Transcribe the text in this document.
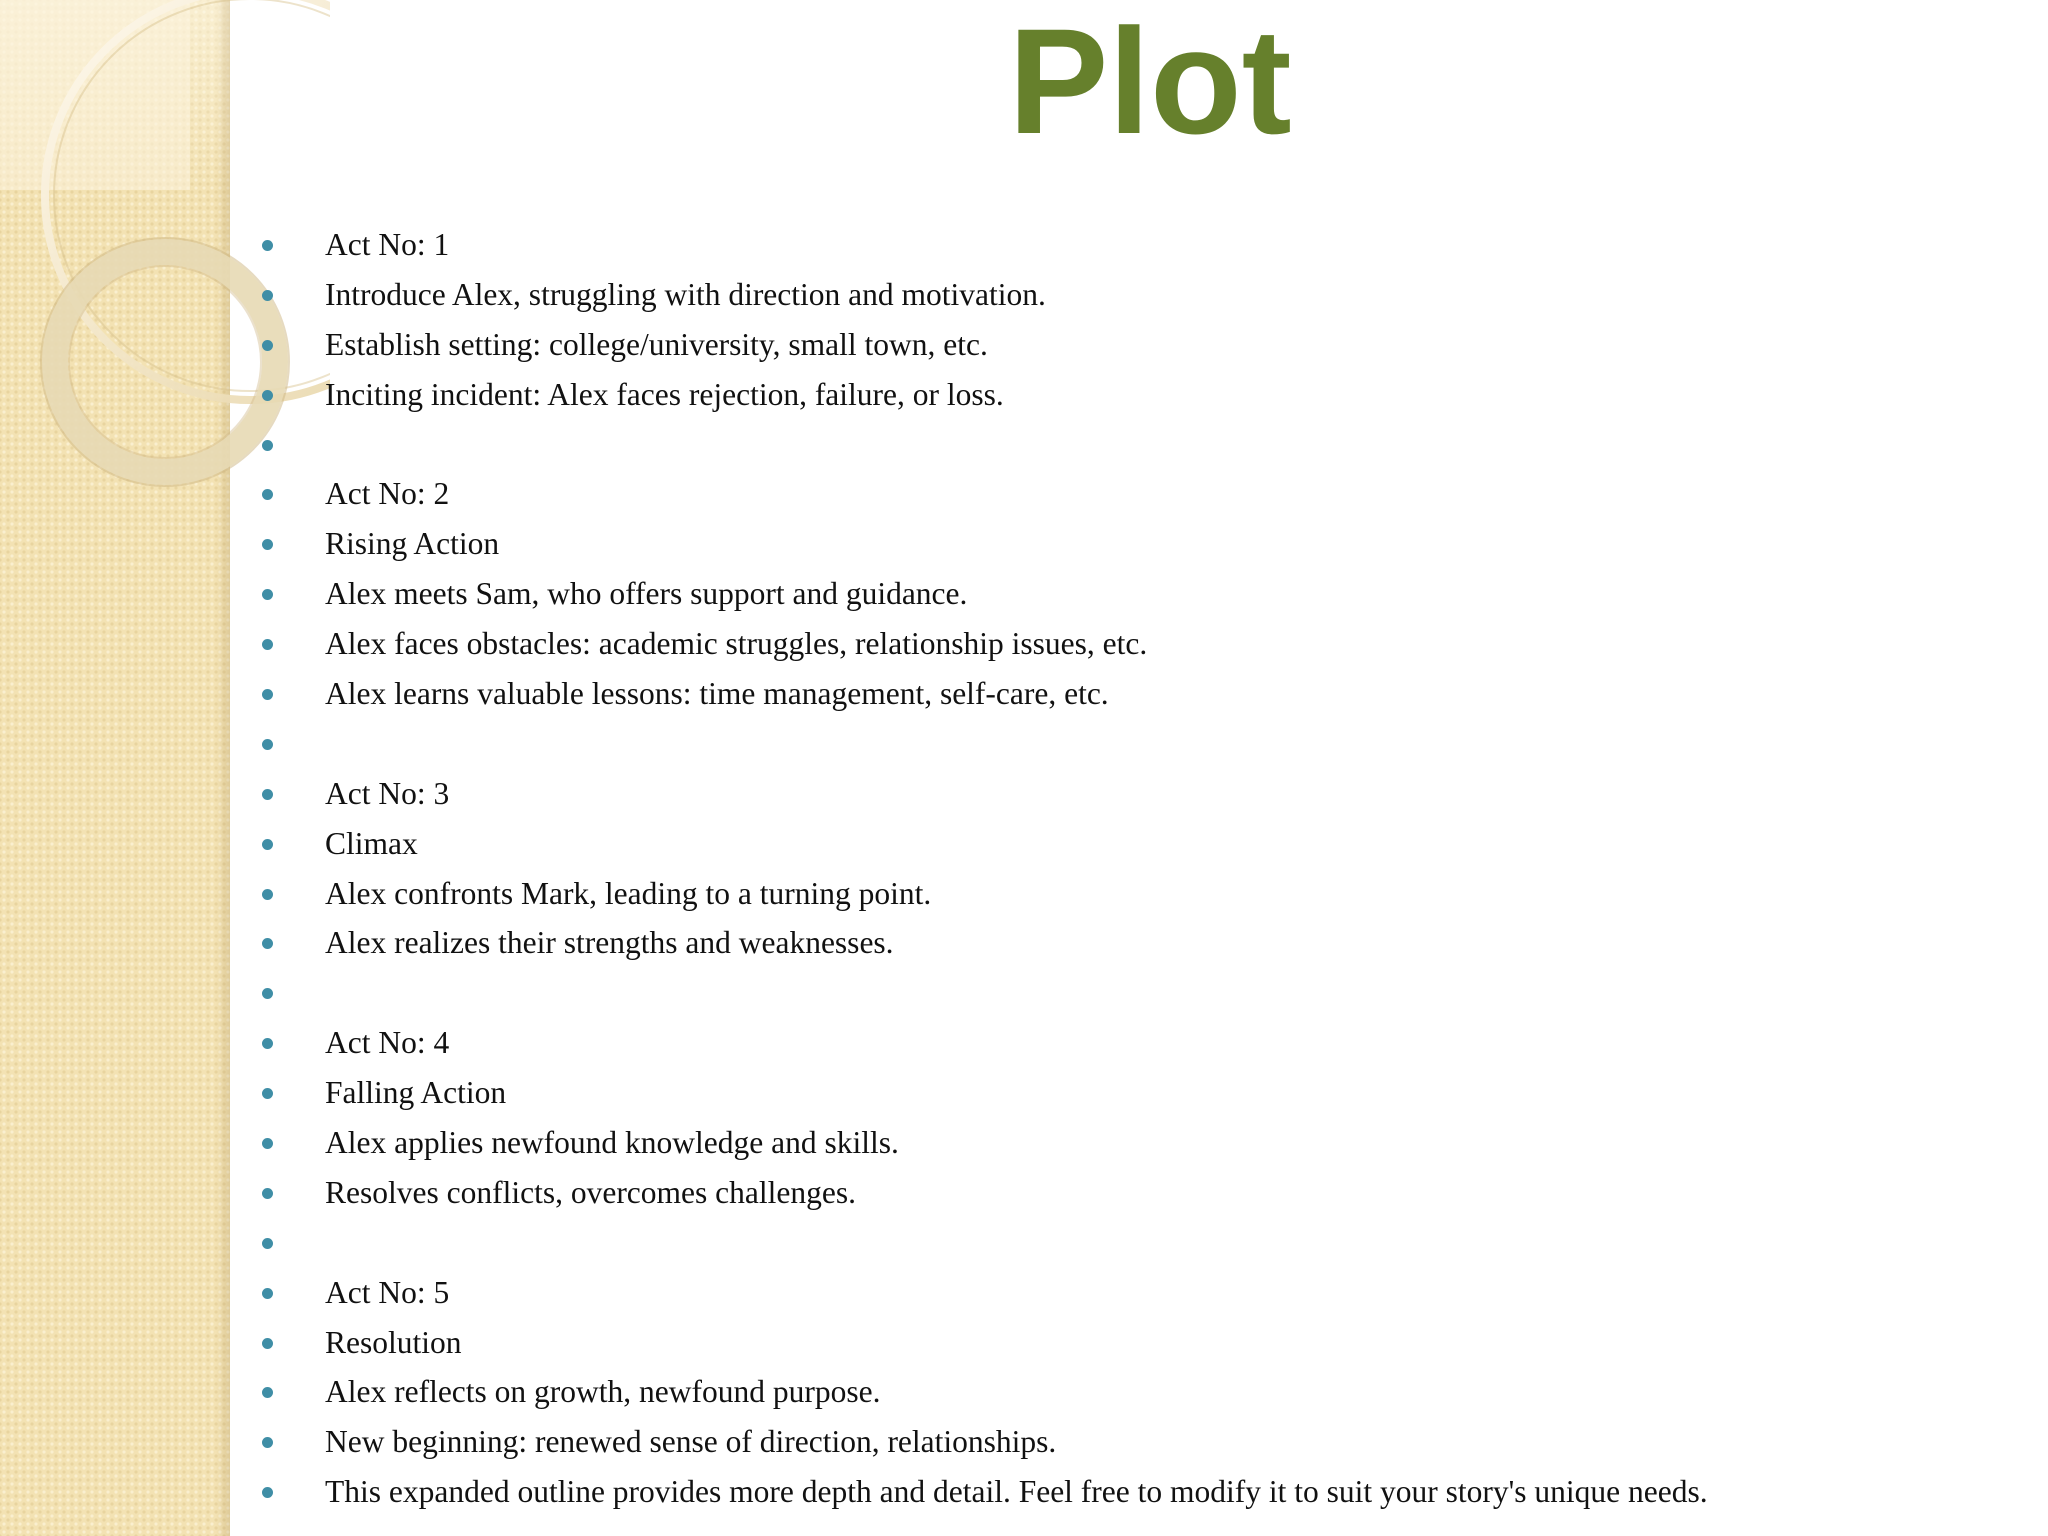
Plot
Act No: 1
Introduce Alex, struggling with direction and motivation.
Establish setting: college/university, small town, etc.
Inciting incident: Alex faces rejection, failure, or loss.
Act No: 2
Rising Action
Alex meets Sam, who offers support and guidance.
Alex faces obstacles: academic struggles, relationship issues, etc.
Alex learns valuable lessons: time management, self-care, etc.
Act No: 3
Climax
Alex confronts Mark, leading to a turning point.
Alex realizes their strengths and weaknesses.
Act No: 4
Falling Action
Alex applies newfound knowledge and skills.
Resolves conflicts, overcomes challenges.
Act No: 5
Resolution
Alex reflects on growth, newfound purpose.
New beginning: renewed sense of direction, relationships.
This expanded outline provides more depth and detail. Feel free to modify it to suit your story's unique needs.
